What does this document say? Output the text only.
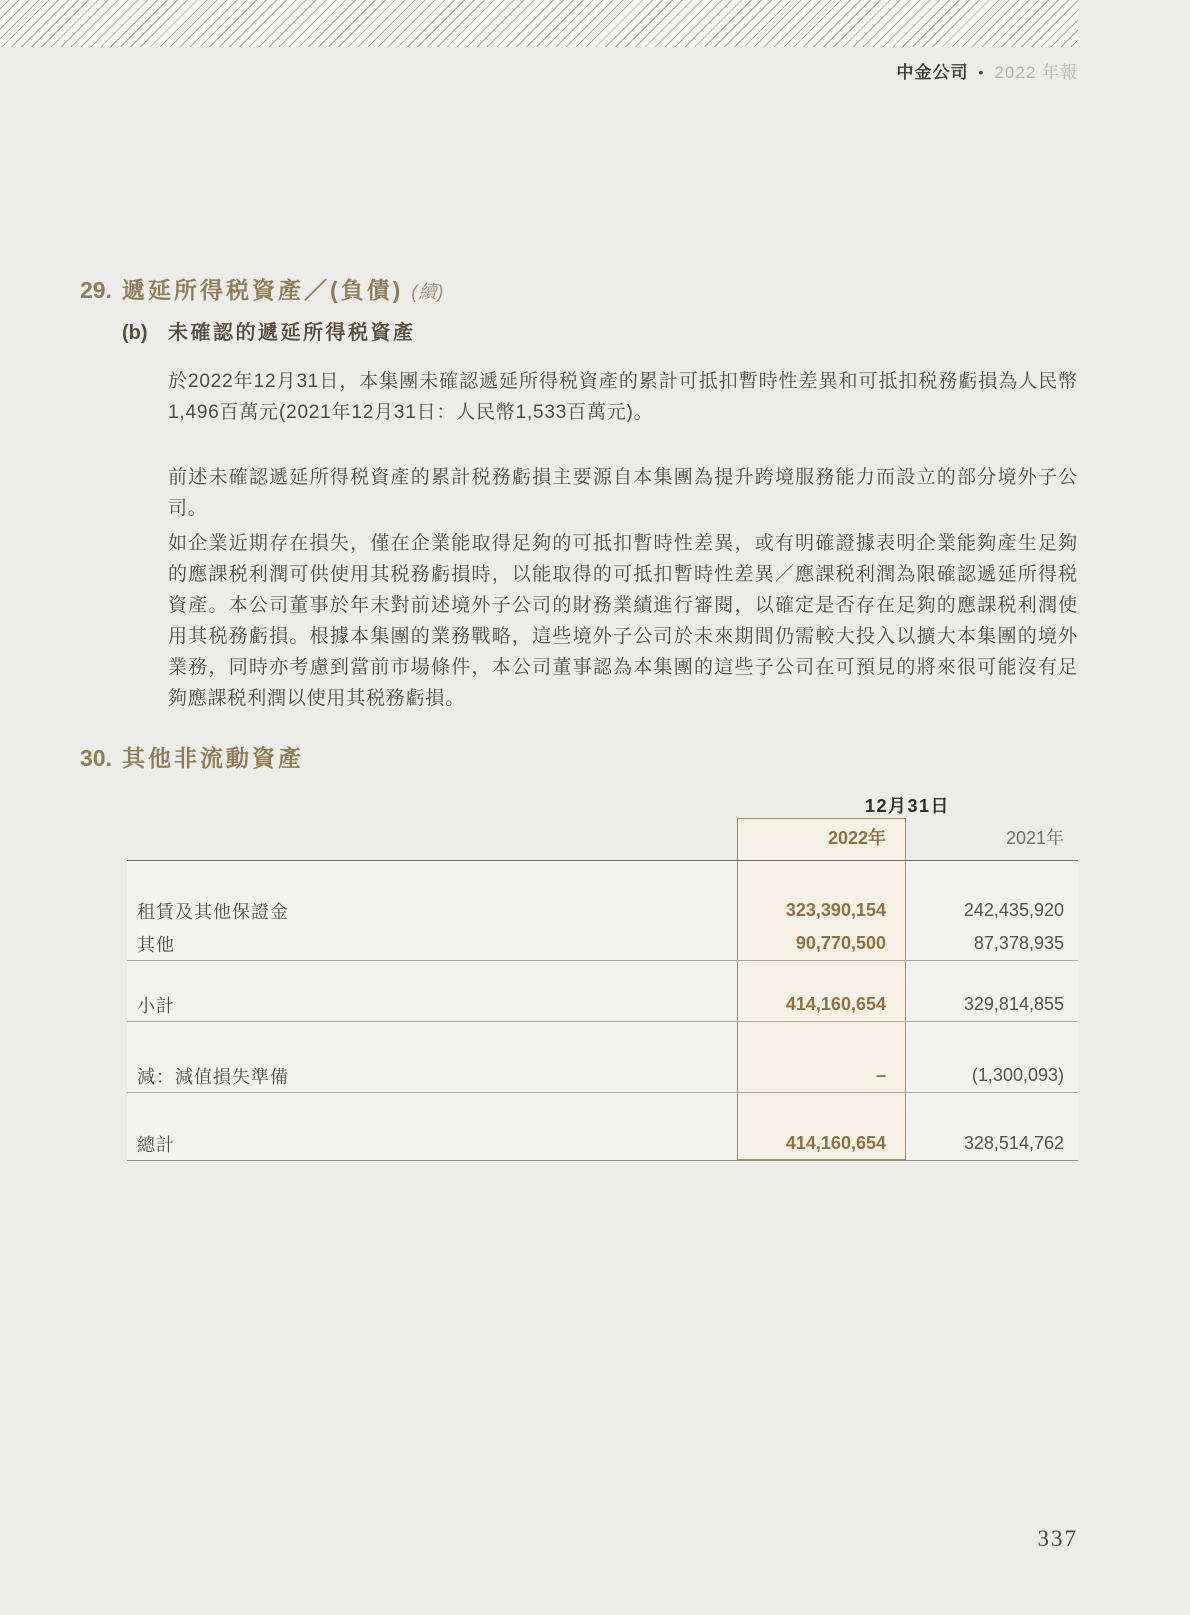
中金公司 • 2022 年報
29. 遞延所得税資產／(負債) (續)
(b)	未確認的遞延所得税資產
於2022年12月31日，本集團未確認遞延所得税資產的累計可抵扣暫時性差異和可抵扣税務虧損為人民幣1,496百萬元(2021年12月31日：人民幣1,533百萬元)。
前述未確認遞延所得税資產的累計税務虧損主要源自本集團為提升跨境服務能力而設立的部分境外子公司。
如企業近期存在損失，僅在企業能取得足夠的可抵扣暫時性差異，或有明確證據表明企業能夠產生足夠的應課税利潤可供使用其税務虧損時，以能取得的可抵扣暫時性差異／應課税利潤為限確認遞延所得税資產。本公司董事於年末對前述境外子公司的財務業績進行審閱，以確定是否存在足夠的應課税利潤使用其税務虧損。根據本集團的業務戰略，這些境外子公司於未來期間仍需較大投入以擴大本集團的境外業務，同時亦考慮到當前市場條件，本公司董事認為本集團的這些子公司在可預見的將來很可能沒有足夠應課税利潤以使用其税務虧損。
30. 其他非流動資產
12月31日
2022年	2021年
租賃及其他保證金	323,390,154	242,435,920
其他	90,770,500	87,378,935
小計	414,160,654	329,814,855
減：減值損失準備	–	(1,300,093)
總計	414,160,654	328,514,762
337
